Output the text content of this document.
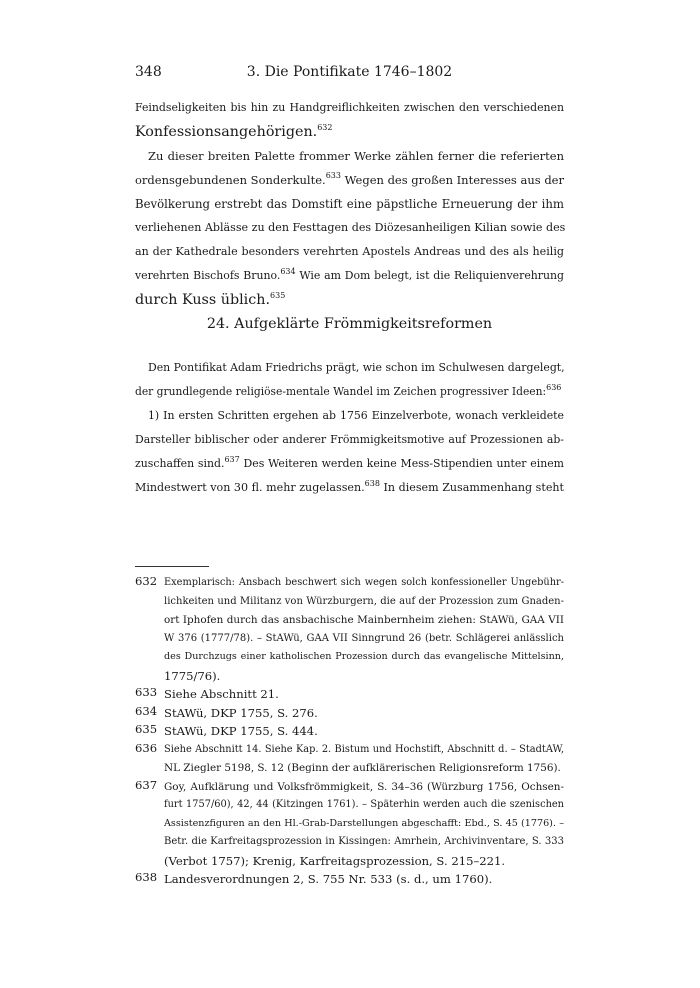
348	3. Die Pontifikate 1746–1802

Feindseligkeiten bis hin zu Handgreiflichkeiten zwischen den verschiedenen

Konfessionsangehörigen.$^{632}$

Zu dieser breiten Palette frommer Werke zählen ferner die referierten

ordensgebundenen Sonderkulte.$^{633}$ Wegen des großen Interesses aus der

Bevölkerung erstrebt das Domstift eine päpstliche Erneuerung der ihm

verliehenen Ablässe zu den Festtagen des Diözesanheiligen Kilian sowie des

an der Kathedrale besonders verehrten Apostels Andreas und des als heilig

verehrten Bischofs Bruno.$^{634}$ Wie am Dom belegt, ist die Reliquienverehrung

durch Kuss üblich.$^{635}$

24. Aufgeklärte Frömmigkeitsreformen

Den Pontifikat Adam Friedrichs prägt, wie schon im Schulwesen dargelegt,

der grundlegende religiöse-mentale Wandel im Zeichen progressiver Ideen:$^{636}$

1) In ersten Schritten ergehen ab 1756 Einzelverbote, wonach verkleidete

Darsteller biblischer oder anderer Frömmigkeitsmotive auf Prozessionen ab-

zuschaffen sind.$^{637}$ Des Weiteren werden keine Mess-Stipendien unter einem

Mindestwert von 30 fl. mehr zugelassen.$^{638}$ In diesem Zusammenhang steht

632 Exemplarisch: Ansbach beschwert sich wegen solch konfessioneller Ungebühr-
lichkeiten und Militanz von Würzburgern, die auf der Prozession zum Gnaden-
ort Iphofen durch das ansbachische Mainbernheim ziehen: StAWü, GAA VII
W 376 (1777/78). – StAWü, GAA VII Sinngrund 26 (betr. Schlägerei anlässlich
des Durchzugs einer katholischen Prozession durch das evangelische Mittelsinn,
1775/76).
633 Siehe Abschnitt 21.
634 StAWü, DKP 1755, S. 276.
635 StAWü, DKP 1755, S. 444.
636 Siehe Abschnitt 14. Siehe Kap. 2. Bistum und Hochstift, Abschnitt d. – StadtAW,
NL Ziegler 5198, S. 12 (Beginn der aufklärerischen Religionsreform 1756).
637 Goy, Aufklärung und Volksfrömmigkeit, S. 34–36 (Würzburg 1756, Ochsen-
furt 1757/60), 42, 44 (Kitzingen 1761). – Späterhin werden auch die szenischen
Assistenzfiguren an den Hl.-Grab-Darstellungen abgeschafft: Ebd., S. 45 (1776). –
Betr. die Karfreitagsprozession in Kissingen: Amrhein, Archivinventare, S. 333
(Verbot 1757); Krenig, Karfreitagsprozession, S. 215–221.
638 Landesverordnungen 2, S. 755 Nr. 533 (s. d., um 1760).
